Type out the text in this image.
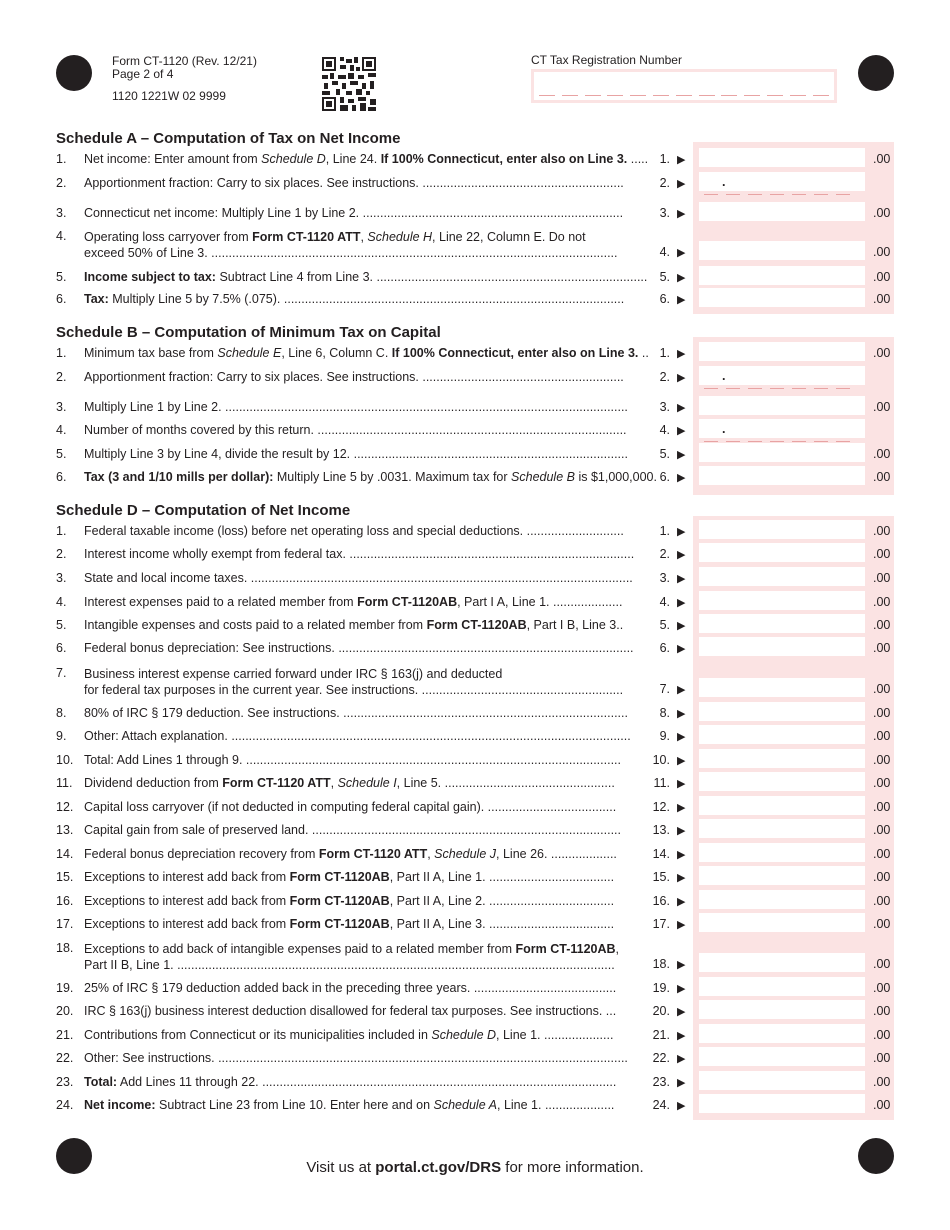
Form CT-1120 (Rev. 12/21)
Page 2 of 4
1120 1221W 02 9999
CT Tax Registration Number
Schedule A – Computation of Tax on Net Income
Schedule B – Computation of Minimum Tax on Capital
Schedule D – Computation of Net Income
1. Net income: Enter amount from Schedule D, Line 24. If 100% Connecticut, enter also on Line 3. ..... 1. ▶	.00
2. Apportionment fraction: Carry to six places. See instructions. ..........................................................	2. ▶	.
3. Connecticut net income: Multiply Line 1 by Line 2. ...........................................................................	3. ▶	.00
4. Operating loss carryover from Form CT-1120 ATT, Schedule H, Line 22, Column E. Do not
exceed 50% of Line 3. .....................................................................................................................	4. ▶	.00
5. Income subject to tax: Subtract Line 4 from Line 3. .............................................................................. 5. ▶	.00
6. Tax: Multiply Line 5 by 7.5% (.075). ..................................................................................................	6. ▶	.00
1. Minimum tax base from Schedule E, Line 6, Column C. If 100% Connecticut, enter also on Line 3. .. 1. ▶	.00
2. Apportionment fraction: Carry to six places. See instructions. ..........................................................	2. ▶	.
3. Multiply Line 1 by Line 2. ....................................................................................................................	3. ▶	.00
4. Number of months covered by this return. .........................................................................................	4. ▶	.
5. Multiply Line 3 by Line 4, divide the result by 12. ...............................................................................	5. ▶	.00
6. Tax (3 and 1/10 mills per dollar): Multiply Line 5 by .0031. Maximum tax for Schedule B is $1,000,000. 6. ▶	.00
1. Federal taxable income (loss) before net operating loss and special deductions. ............................	1. ▶	.00
2. Interest income wholly exempt from federal tax. ..................................................................................	2. ▶	.00
3. State and local income taxes. ..............................................................................................................	3. ▶	.00
4. Interest expenses paid to a related member from Form CT-1120AB, Part I A, Line 1. ....................	4. ▶	.00
5. Intangible expenses and costs paid to a related member from Form CT-1120AB, Part I B, Line 3..	5. ▶	.00
6. Federal bonus depreciation: See instructions. .....................................................................................	6. ▶	.00
7. Business interest expense carried forward under IRC § 163(j) and deducted
for federal tax purposes in the current year. See instructions. ..........................................................	7. ▶	.00
8. 80% of IRC § 179 deduction. See instructions. ..................................................................................	8. ▶	.00
9. Other: Attach explanation. ...................................................................................................................	9. ▶	.00
10. Total: Add Lines 1 through 9. ............................................................................................................	10. ▶	.00
11. Dividend deduction from Form CT-1120 ATT, Schedule I, Line 5. .................................................	11. ▶	.00
12. Capital loss carryover (if not deducted in computing federal capital gain). .....................................	12. ▶	.00
13. Capital gain from sale of preserved land. .........................................................................................	13. ▶	.00
14. Federal bonus depreciation recovery from Form CT-1120 ATT, Schedule J, Line 26. ...................	14. ▶	.00
15. Exceptions to interest add back from Form CT-1120AB, Part II A, Line 1. ....................................	15. ▶	.00
16. Exceptions to interest add back from Form CT-1120AB, Part II A, Line 2. ....................................	16. ▶	.00
17. Exceptions to interest add back from Form CT-1120AB, Part II A, Line 3. ....................................	17. ▶	.00
18. Exceptions to add back of intangible expenses paid to a related member from Form CT-1120AB,
Part II B, Line 1. ..............................................................................................................................	18. ▶	.00
19. 25% of IRC § 179 deduction added back in the preceding three years. .........................................	19. ▶	.00
20. IRC § 163(j) business interest deduction disallowed for federal tax purposes. See instructions. ...	20. ▶	.00
21. Contributions from Connecticut or its municipalities included in Schedule D, Line 1. ....................	21. ▶	.00
22. Other: See instructions. ......................................................................................................................	22. ▶	.00
23. Total: Add Lines 11 through 22. ......................................................................................................	23. ▶	.00
24. Net income: Subtract Line 23 from Line 10. Enter here and on Schedule A, Line 1. ....................	24. ▶	.00
Visit us at portal.ct.gov/DRS for more information.
